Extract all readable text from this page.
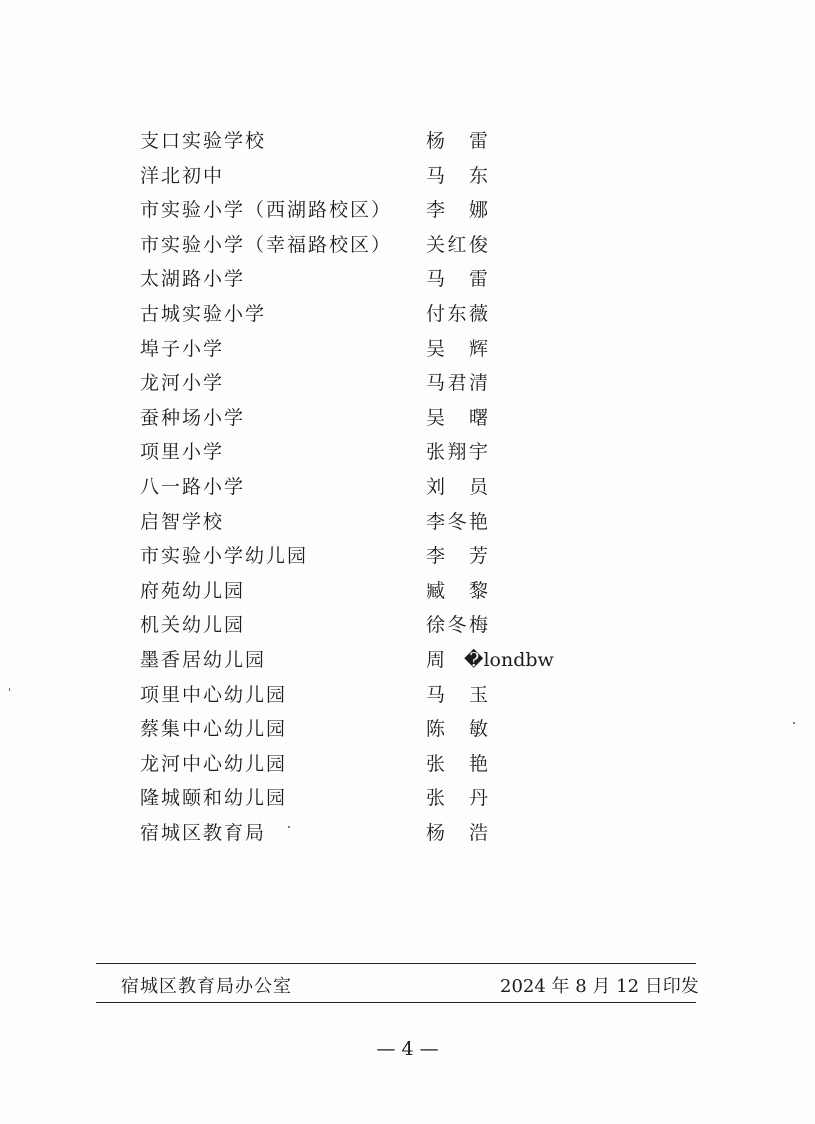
支口实验学校	杨　雷
洋北初中	马　东
市实验小学（西湖路校区） 李　娜
市实验小学（幸福路校区） 关红俊
太湖路小学	马　雷
古城实验小学	付东薇
埠子小学	吴　辉
龙河小学	马君清
蚕种场小学	吴　曙
项里小学	张翔宇
八一路小学	刘　员
启智学校	李冬艳
市实验小学幼儿园	李　芳
府苑幼儿园	臧　黎
机关幼儿园	徐冬梅
墨香居幼儿园	周　�londbw
项里中心幼儿园	马　玉
蔡集中心幼儿园	陈　敏
龙河中心幼儿园	张　艳
隆城颐和幼儿园	张　丹
宿城区教育局	杨　浩
宿城区教育局办公室	2024 年 8 月 12 日印发
— 4 —
